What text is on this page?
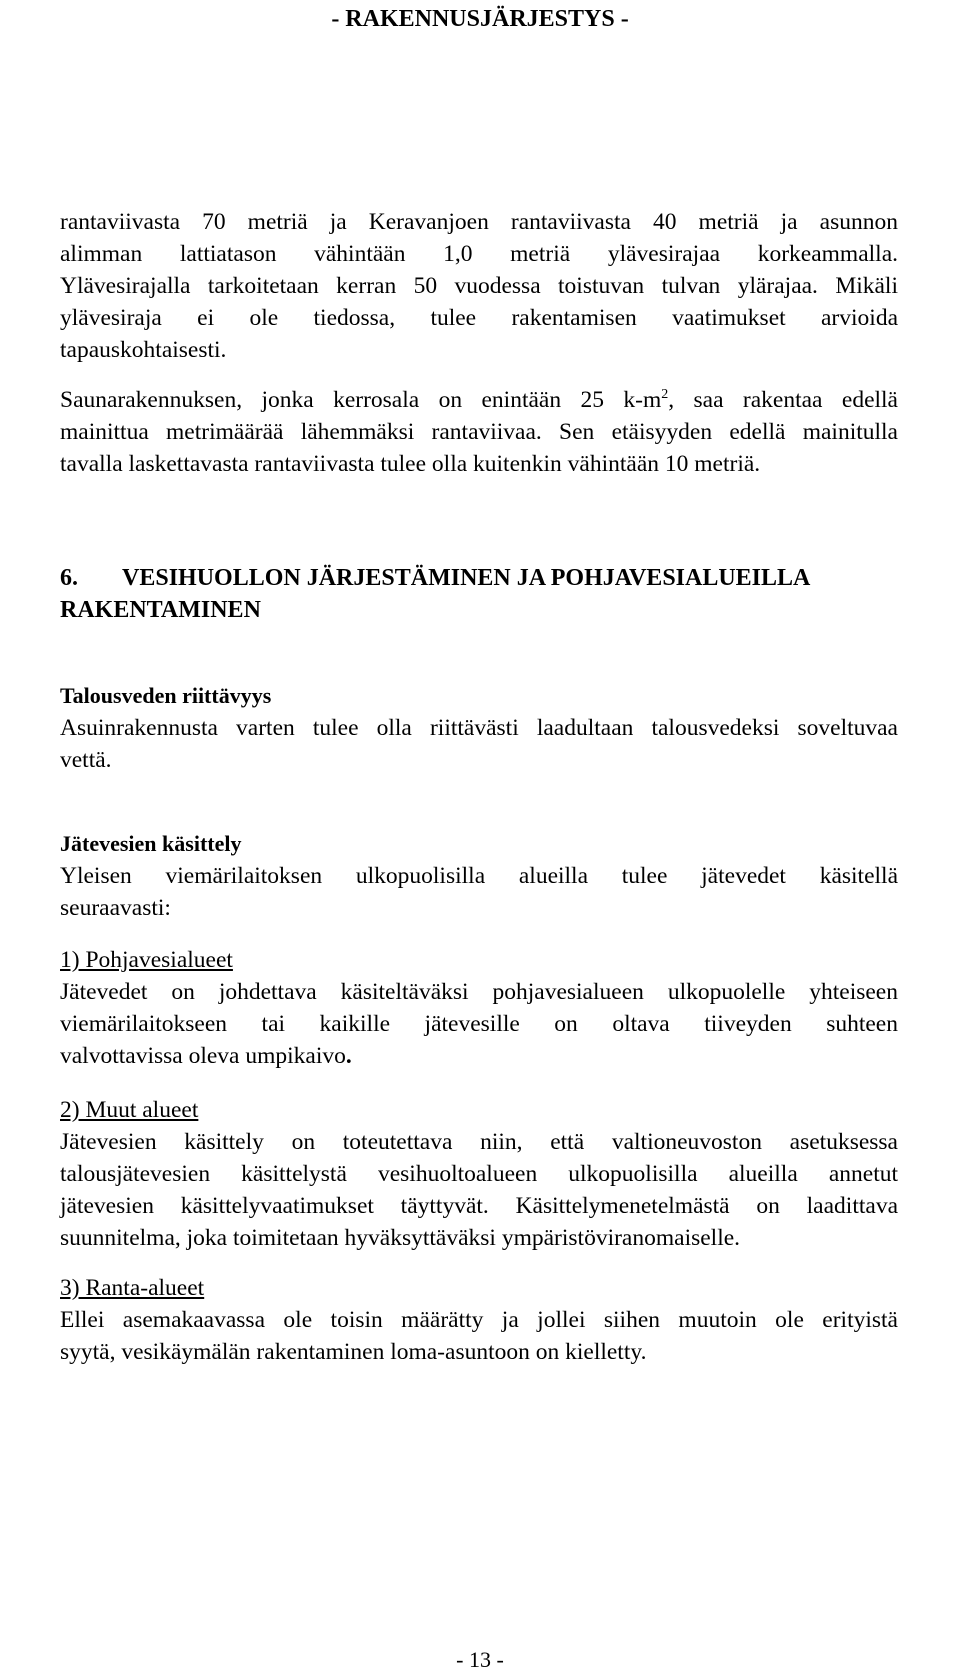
- RAKENNUSJÄRJESTYS -

rantaviivasta 70 metriä ja Keravanjoen rantaviivasta 40 metriä ja asunnon
alimman lattiatason vähintään 1,0 metriä ylävesirajaa korkeammalla.
Ylävesirajalla tarkoitetaan kerran 50 vuodessa toistuvan tulvan ylärajaa. Mikäli
ylävesiraja ei ole tiedossa, tulee rakentamisen vaatimukset arvioida
tapauskohtaisesti.

Saunarakennuksen, jonka kerrosala on enintään 25 $k-m^2$, saa rakentaa edellä
mainittua metrimäärää lähemmäksi rantaviivaa. Sen etäisyyden edellä mainitulla
tavalla laskettavasta rantaviivasta tulee olla kuitenkin vähintään 10 metriä.

6. VESIHUOLLON JÄRJESTÄMINEN JA POHJAVESIALUEILLA
RAKENTAMINEN

Talousveden riittävyys

Asuinrakennusta varten tulee olla riittävästi laadultaan talousvedeksi soveltuvaa
vettä.

Jätevesien käsittely

Yleisen viemärilaitoksen ulkopuolisilla alueilla tulee jätevedet käsitellä
seuraavasti:

1) Pohjavesialueet

Jätevedet on johdettava käsiteltäväksi pohjavesialueen ulkopuolelle yhteiseen
viemärilaitokseen tai kaikille jätevesille on oltava tiiveyden suhteen
valvottavissa oleva umpikaivo.

2) Muut alueet

Jätevesien käsittely on toteutettava niin, että valtioneuvoston asetuksessa
talousjätevesien käsittelystä vesihuoltoalueen ulkopuolisilla alueilla annetut
jätevesien käsittelyvaatimukset täyttyvät. Käsittelymenetelmästä on laadittava
suunnitelma, joka toimitetaan hyväksyttäväksi ympäristöviranomaiselle.

3) Ranta-alueet

Ellei asemakaavassa ole toisin määrätty ja jollei siihen muutoin ole erityistä
syytä, vesikäymälän rakentaminen loma-asuntoon on kielletty.

- 13 -
